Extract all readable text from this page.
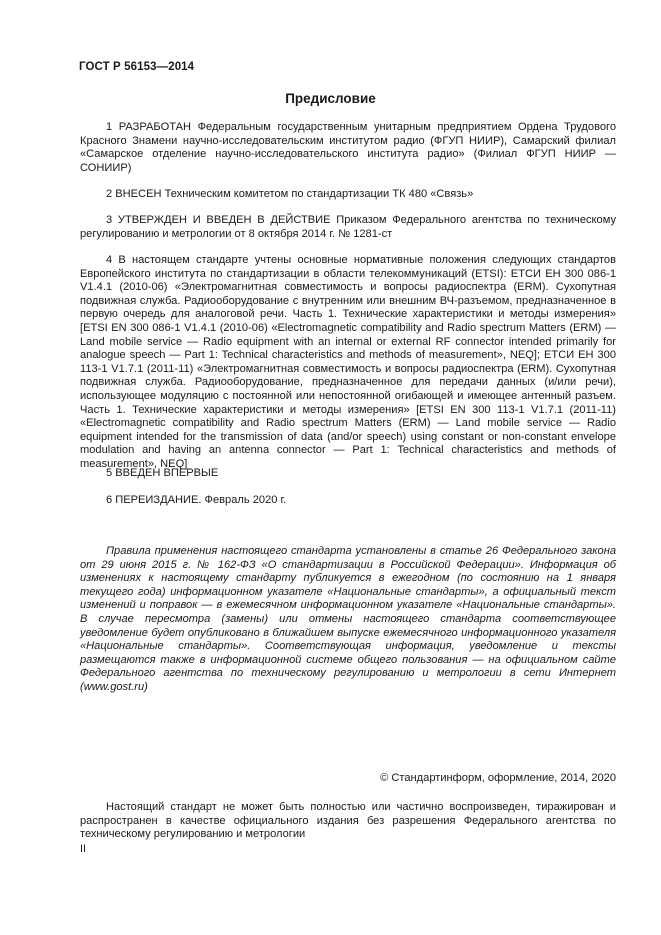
ГОСТ Р 56153—2014
Предисловие

1 РАЗРАБОТАН Федеральным государственным унитарным предприятием Ордена Трудового Красного Знамени научно-исследовательским институтом радио (ФГУП НИИР), Самарский филиал «Самарское отделение научно-исследовательского института радио» (Филиал ФГУП НИИР — СОНИИР)

2 ВНЕСЕН Техническим комитетом по стандартизации ТК 480 «Связь»

3 УТВЕРЖДЕН И ВВЕДЕН В ДЕЙСТВИЕ Приказом Федерального агентства по техническому регулированию и метрологии от 8 октября 2014 г. № 1281-ст

4 В настоящем стандарте учтены основные нормативные положения следующих стандартов Европейского института по стандартизации в области телекоммуникаций (ETSI): ЕТСИ ЕН 300 086-1 V1.4.1 (2010-06) «Электромагнитная совместимость и вопросы радиоспектра (ERM). Сухопутная подвижная служба. Радиооборудование с внутренним или внешним ВЧ-разъемом, предназначенное в первую очередь для аналоговой речи. Часть 1. Технические характеристики и методы измерения» [ETSI EN 300 086-1 V1.4.1 (2010-06) «Electromagnetic compatibility and Radio spectrum Matters (ERM) — Land mobile service — Radio equipment with an internal or external RF connector intended primarily for analogue speech — Part 1: Technical characteristics and methods of measurement», NEQ]; ЕТСИ ЕН 300 113-1 V1.7.1 (2011-11) «Электромагнитная совместимость и вопросы радиоспектра (ERM). Сухопутная подвижная служба. Радиооборудование, предназначенное для передачи данных (и/или речи), использующее модуляцию с постоянной или непостоянной огибающей и имеющее антенный разъем. Часть 1. Технические характеристики и методы измерения» [ETSI EN 300 113-1 V1.7.1 (2011-11) «Electromagnetic compatibility and Radio spectrum Matters (ERM) — Land mobile service — Radio equipment intended for the transmission of data (and/or speech) using constant or non-constant envelope modulation and having an antenna connector — Part 1: Technical characteristics and methods of measurement», NEQ]

5 ВВЕДЕН ВПЕРВЫЕ

6 ПЕРЕИЗДАНИЕ. Февраль 2020 г.

Правила применения настоящего стандарта установлены в статье 26 Федерального закона от 29 июня 2015 г. № 162-ФЗ «О стандартизации в Российской Федерации». Информация об изменениях к настоящему стандарту публикуется в ежегодном (по состоянию на 1 января текущего года) информационном указателе «Национальные стандарты», а официальный текст изменений и поправок — в ежемесячном информационном указателе «Национальные стандарты». В случае пересмотра (замены) или отмены настоящего стандарта соответствующее уведомление будет опубликовано в ближайшем выпуске ежемесячного информационного указателя «Национальные стандарты». Соответствующая информация, уведомление и тексты размещаются также в информационной системе общего пользования — на официальном сайте Федерального агентства по техническому регулированию и метрологии в сети Интернет (www.gost.ru)

© Стандартинформ, оформление, 2014, 2020

Настоящий стандарт не может быть полностью или частично воспроизведен, тиражирован и распространен в качестве официального издания без разрешения Федерального агентства по техническому регулированию и метрологии

II
